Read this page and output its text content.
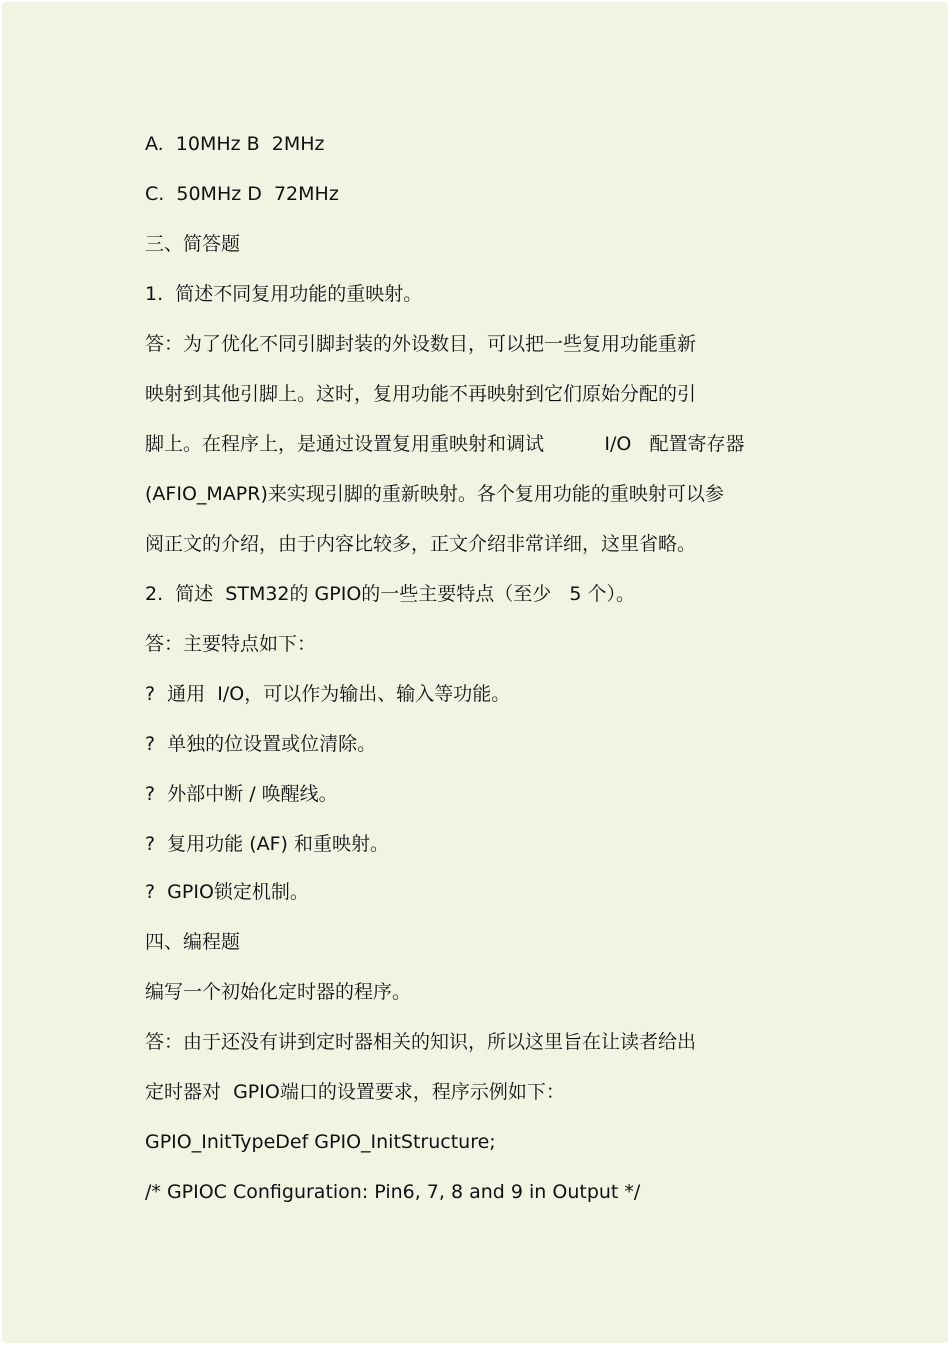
A.  10MHz B  2MHz

C.  50MHz D  72MHz

三、简答题

1.  简述不同复用功能的重映射。

答：为了优化不同引脚封装的外设数目，可以把一些复用功能重新

映射到其他引脚上。这时，复用功能不再映射到它们原始分配的引

脚上。在程序上，是通过设置复用重映射和调试          I/O   配置寄存器

(AFIO_MAPR)来实现引脚的重新映射。各个复用功能的重映射可以参

阅正文的介绍，由于内容比较多，正文介绍非常详细，这里省略。

2.  简述  STM32的 GPIO的一些主要特点（至少   5 个）。

答：主要特点如下：

?  通用  I/O，可以作为输出、输入等功能。

?  单独的位设置或位清除。

?  外部中断 / 唤醒线。

?  复用功能 (AF) 和重映射。

?  GPIO锁定机制。

四、编程题

编写一个初始化定时器的程序。

答：由于还没有讲到定时器相关的知识，所以这里旨在让读者给出

定时器对  GPIO端口的设置要求，程序示例如下：

GPIO_InitTypeDef GPIO_InitStructure;

/* GPIOC Configuration: Pin6, 7, 8 and 9 in Output */
